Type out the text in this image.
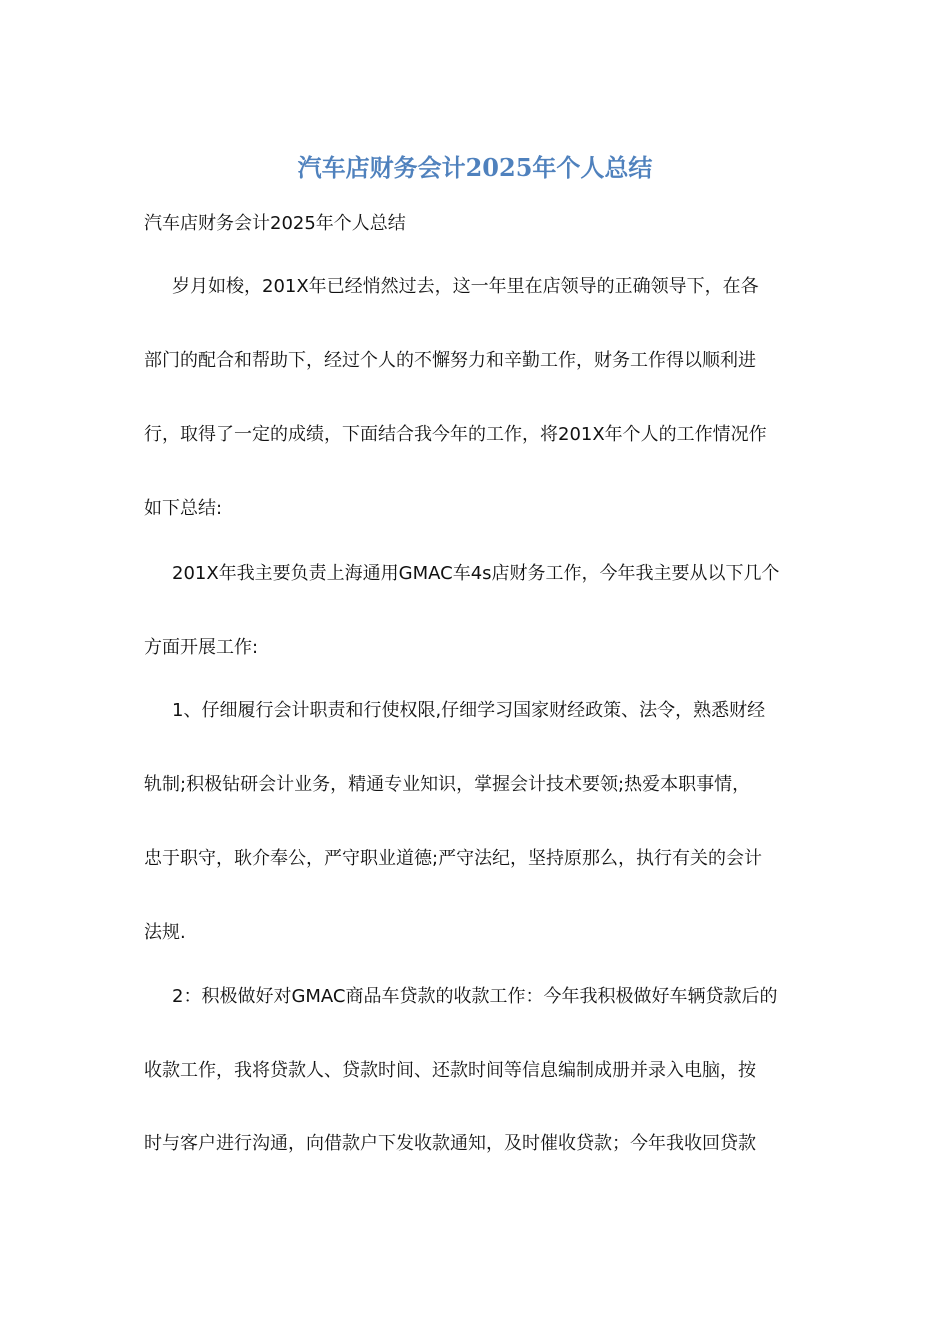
汽车店财务会计2025年个人总结

汽车店财务会计2025年个人总结

岁月如梭，201X年已经悄然过去，这一年里在店领导的正确领导下，在各

部门的配合和帮助下，经过个人的不懈努力和辛勤工作，财务工作得以顺利进

行，取得了一定的成绩，下面结合我今年的工作，将201X年个人的工作情况作

如下总结:

201X年我主要负责上海通用GMAC车4s店财务工作，今年我主要从以下几个

方面开展工作:

1、仔细履行会计职责和行使权限,仔细学习国家财经政策、法令，熟悉财经

轨制;积极钻研会计业务，精通专业知识，掌握会计技术要领;热爱本职事情，

忠于职守，耿介奉公，严守职业道德;严守法纪，坚持原那么，执行有关的会计

法规.

2：积极做好对GMAC商品车贷款的收款工作：今年我积极做好车辆贷款后的

收款工作，我将贷款人、贷款时间、还款时间等信息编制成册并录入电脑，按

时与客户进行沟通，向借款户下发收款通知，及时催收贷款；今年我收回贷款
